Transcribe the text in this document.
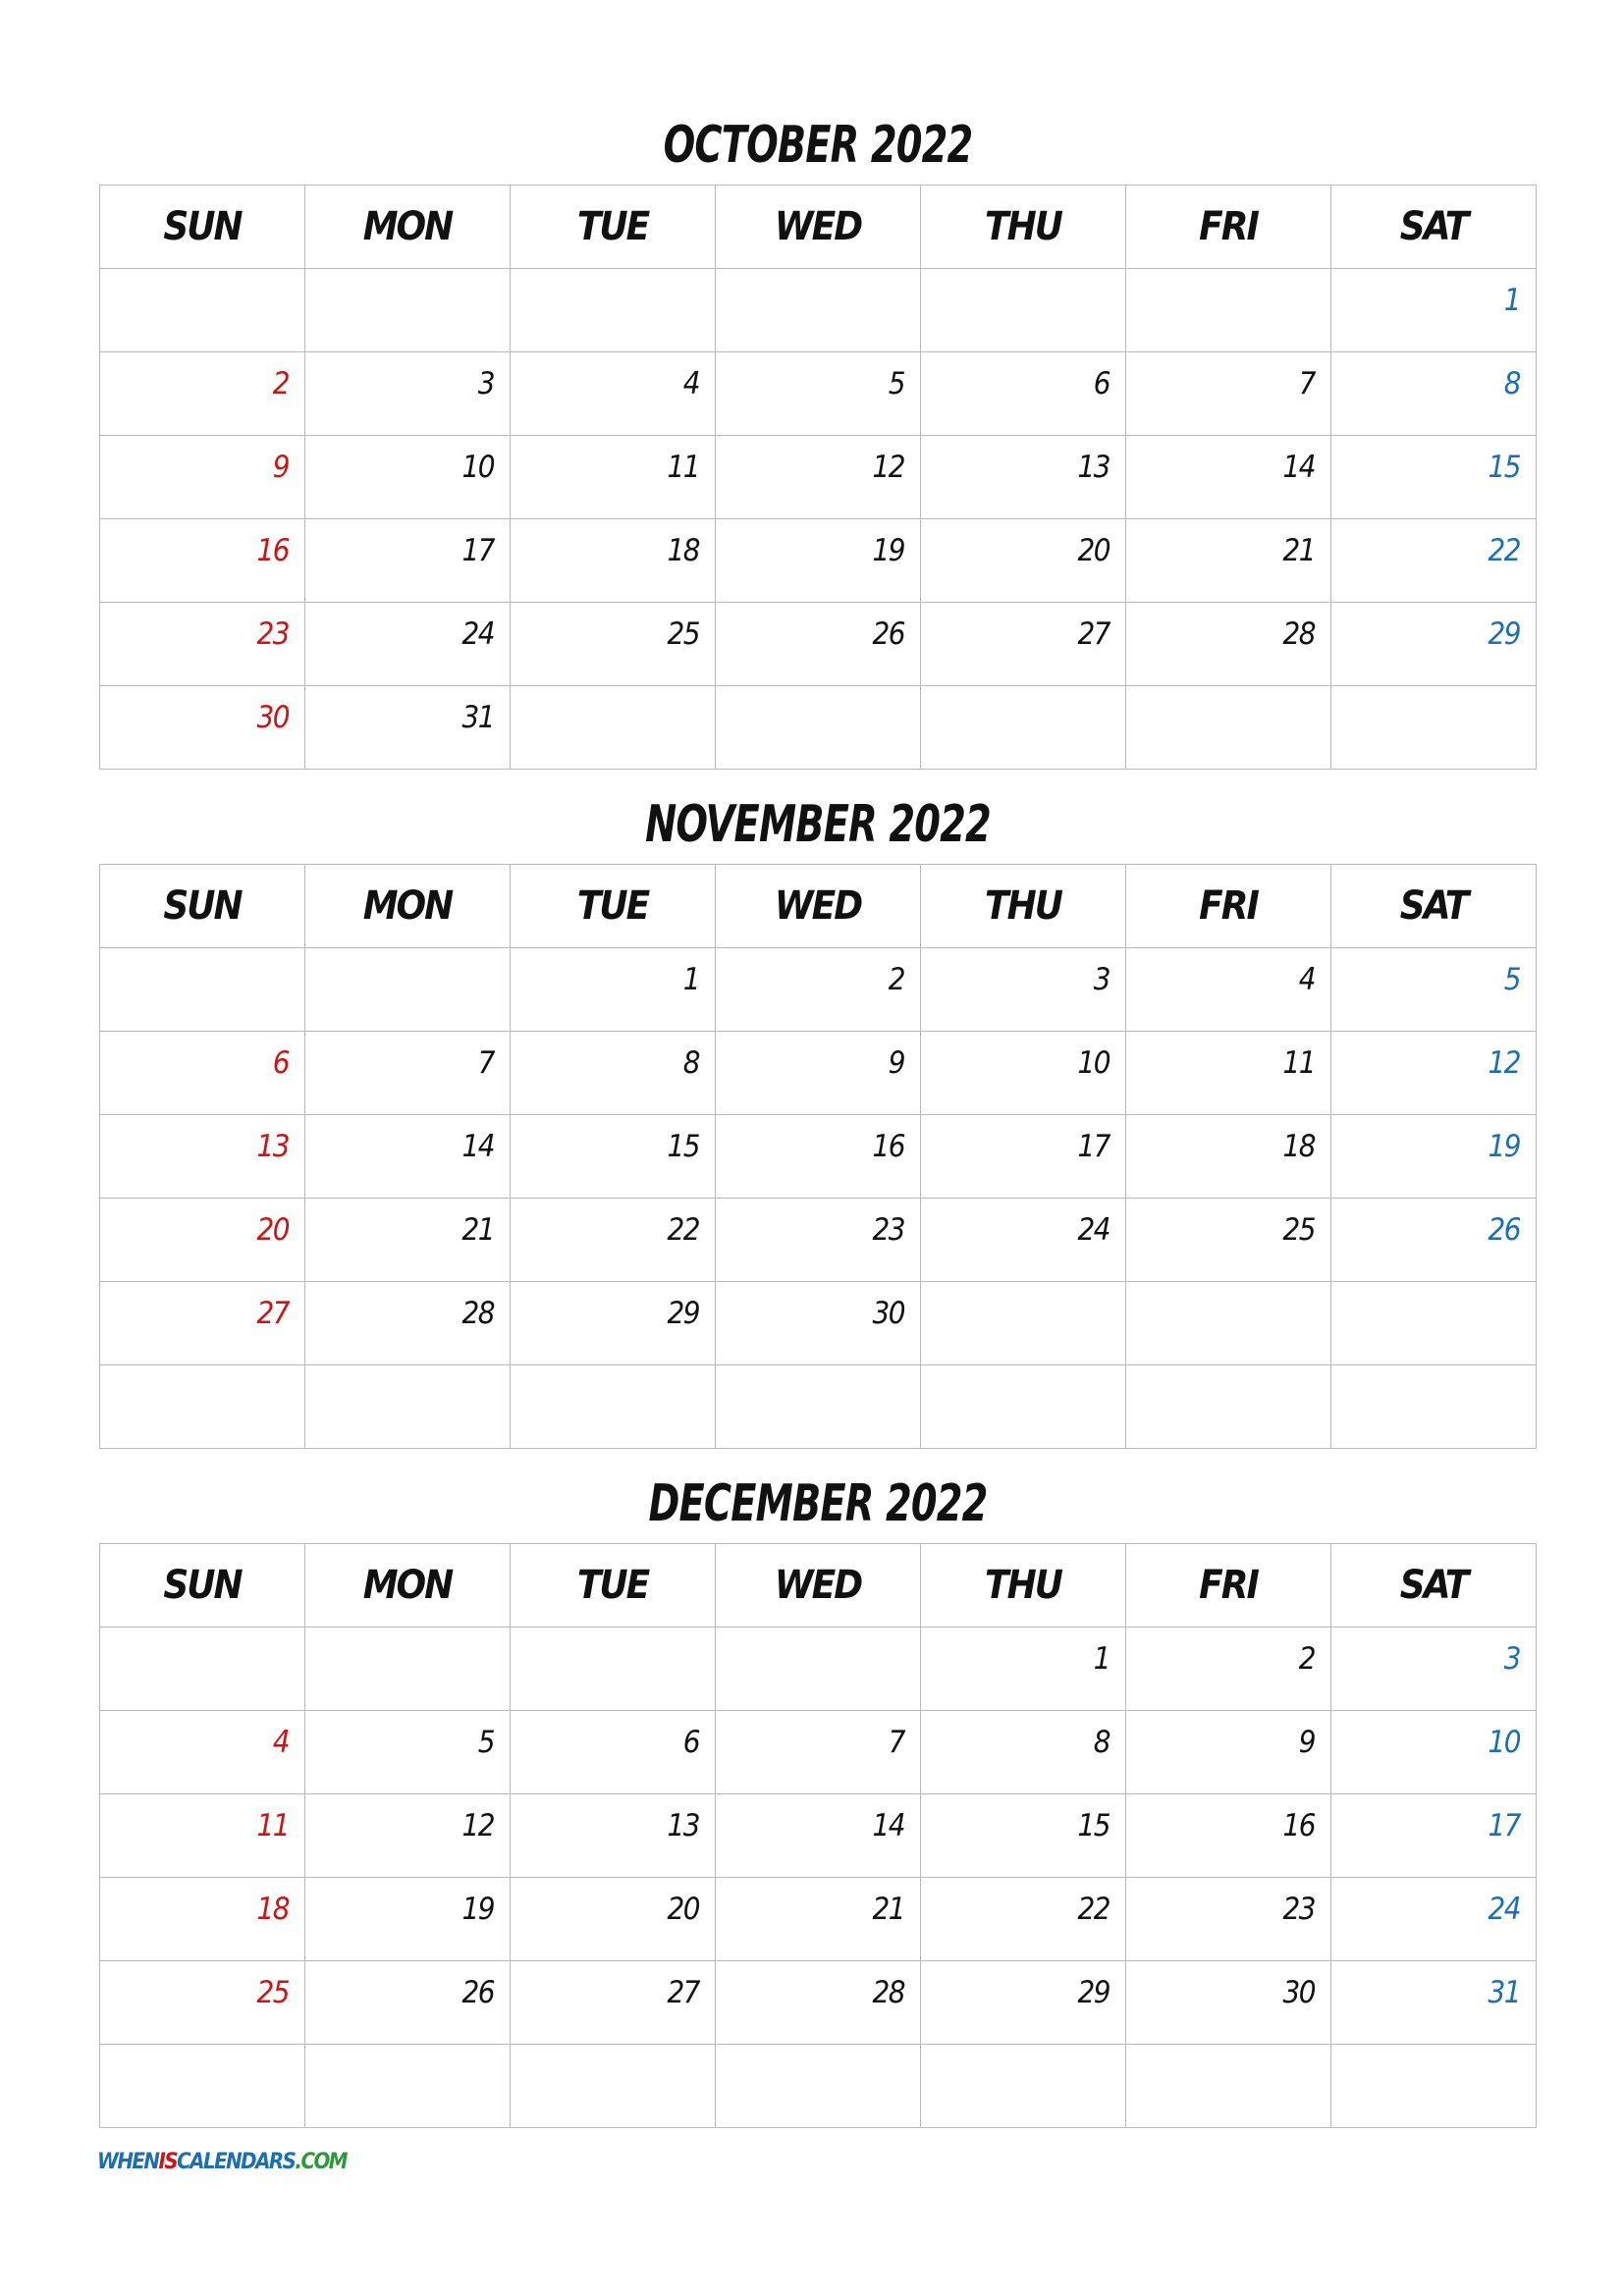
OCTOBER 2022
SUN	MON	TUE	WED	THU	FRI	SAT
						1
2	3	4	5	6	7	8
9	10	11	12	13	14	15
16	17	18	19	20	21	22
23	24	25	26	27	28	29
30	31					
NOVEMBER 2022
SUN	MON	TUE	WED	THU	FRI	SAT
		1	2	3	4	5
6	7	8	9	10	11	12
13	14	15	16	17	18	19
20	21	22	23	24	25	26
27	28	29	30			

DECEMBER 2022
SUN	MON	TUE	WED	THU	FRI	SAT
				1	2	3
4	5	6	7	8	9	10
11	12	13	14	15	16	17
18	19	20	21	22	23	24
25	26	27	28	29	30	31

WHENISCALENDARS.COM
